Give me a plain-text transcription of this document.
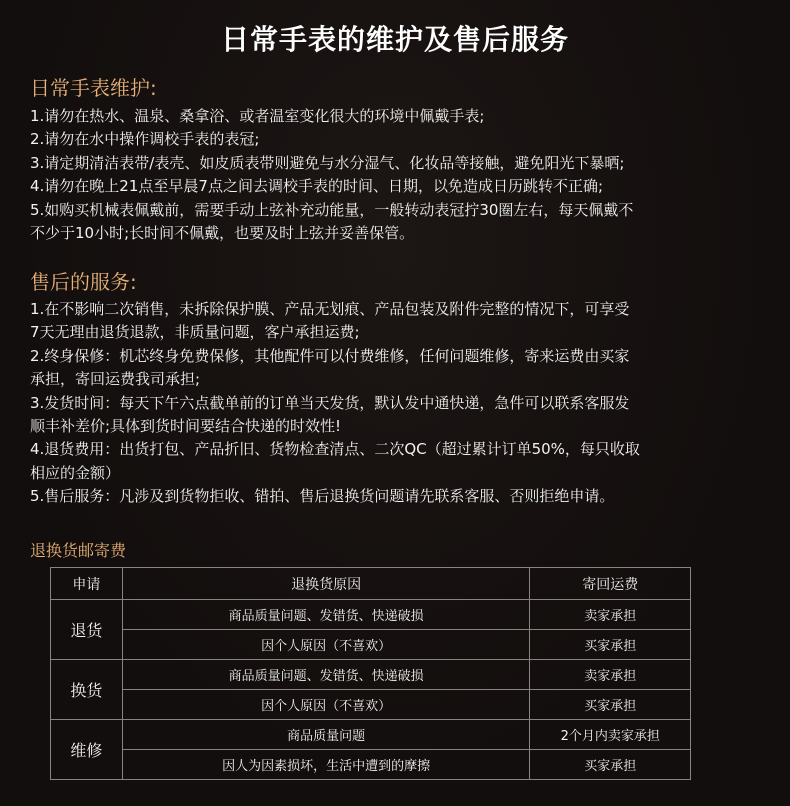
日常手表的维护及售后服务
日常手表维护:

1.请勿在热水、温泉、桑拿浴、或者温室变化很大的环境中佩戴手表;

2.请勿在水中操作调校手表的表冠;

3.请定期清洁表带/表壳、如皮质表带则避免与水分湿气、化妆品等接触，避免阳光下暴晒;

4.请勿在晚上21点至早晨7点之间去调校手表的时间、日期，以免造成日历跳转不正确;

5.如购买机械表佩戴前，需要手动上弦补充动能量，一般转动表冠拧30圈左右，每天佩戴不

不少于10小时;长时间不佩戴，也要及时上弦并妥善保管。

售后的服务:

1.在不影响二次销售，未拆除保护膜、产品无划痕、产品包装及附件完整的情况下，可享受

7天无理由退货退款，非质量问题，客户承担运费;

2.终身保修：机芯终身免费保修，其他配件可以付费维修，任何问题维修，寄来运费由买家

承担，寄回运费我司承担;

3.发货时间：每天下午六点截单前的订单当天发货，默认发中通快递，急件可以联系客服发

顺丰补差价;具体到货时间要结合快递的时效性!

4.退货费用：出货打包、产品折旧、货物检查清点、二次QC（超过累计订单50%，每只收取

相应的金额）

5.售后服务：凡涉及到货物拒收、错拍、售后退换货问题请先联系客服、否则拒绝申请。

退换货邮寄费
申请	退换货原因	寄回运费
退货	商品质量问题、发错货、快递破损	卖家承担
	因个人原因（不喜欢）	买家承担
换货	商品质量问题、发错货、快递破损	卖家承担
	因个人原因（不喜欢）	买家承担
维修	商品质量问题	2个月内卖家承担
	因人为因素损坏，生活中遭到的摩擦	买家承担
